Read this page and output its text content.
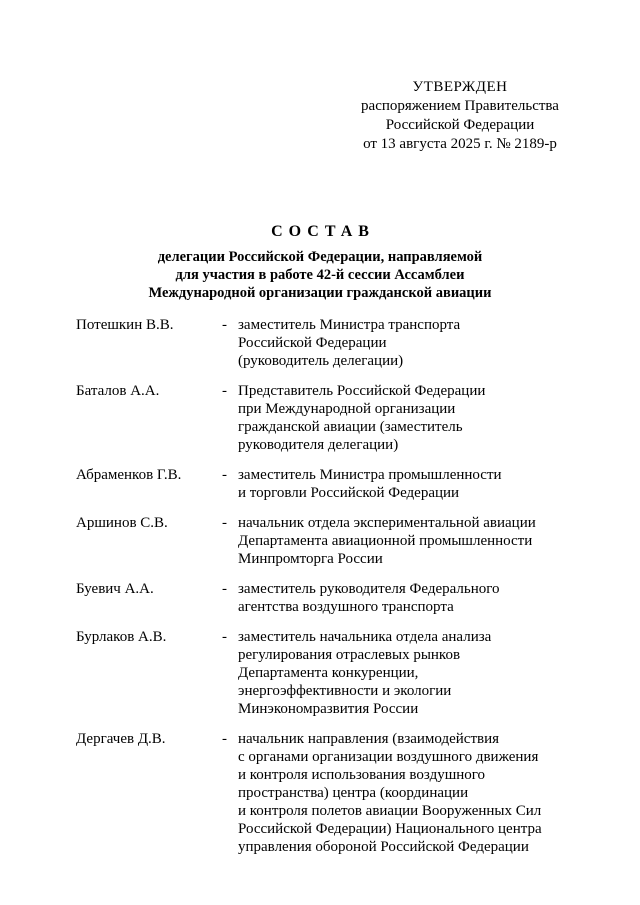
УТВЕРЖДЕН
распоряжением Правительства
Российской Федерации
от 13 августа 2025 г. № 2189-р
СОСТАВ
делегации Российской Федерации, направляемой
для участия в работе 42-й сессии Ассамблеи
Международной организации гражданской авиации
Потешкин В.В.	- заместитель Министра транспорта
Российской Федерации
(руководитель делегации)
Баталов А.А.	- Представитель Российской Федерации
при Международной организации
гражданской авиации (заместитель
руководителя делегации)
Абраменков Г.В.	- заместитель Министра промышленности
и торговли Российской Федерации
Аршинов С.В.	- начальник отдела экспериментальной авиации
Департамента авиационной промышленности
Минпромторга России
Буевич А.А.	- заместитель руководителя Федерального
агентства воздушного транспорта
Бурлаков А.В.	- заместитель начальника отдела анализа
регулирования отраслевых рынков
Департамента конкуренции,
энергоэффективности и экологии
Минэкономразвития России
Дергачев Д.В.	- начальник направления (взаимодействия
с органами организации воздушного движения
и контроля использования воздушного
пространства) центра (координации
и контроля полетов авиации Вооруженных Сил
Российской Федерации) Национального центра
управления обороной Российской Федерации
